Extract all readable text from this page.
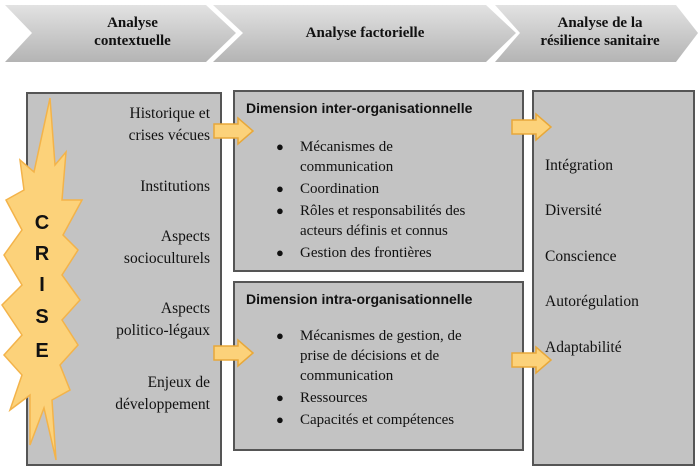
Analyse
contextuelle	Analyse factorielle
Analyse de la
résilience sanitaire
C
R
I
S
E
Historique et
crises vécues
Institutions
Aspects
socioculturels
Aspects
politico-légaux
Enjeux de
développement
Dimension inter-organisationnelle
● Mécanismes de
communication
● Coordination
● Rôles et responsabilités des
acteurs définis et connus
● Gestion des frontières
Dimension intra-organisationnelle
● Mécanismes de gestion, de
prise de décisions et de
communication
● Ressources
● Capacités et compétences
Intégration
Diversité
Conscience
Autorégulation
Adaptabilité
